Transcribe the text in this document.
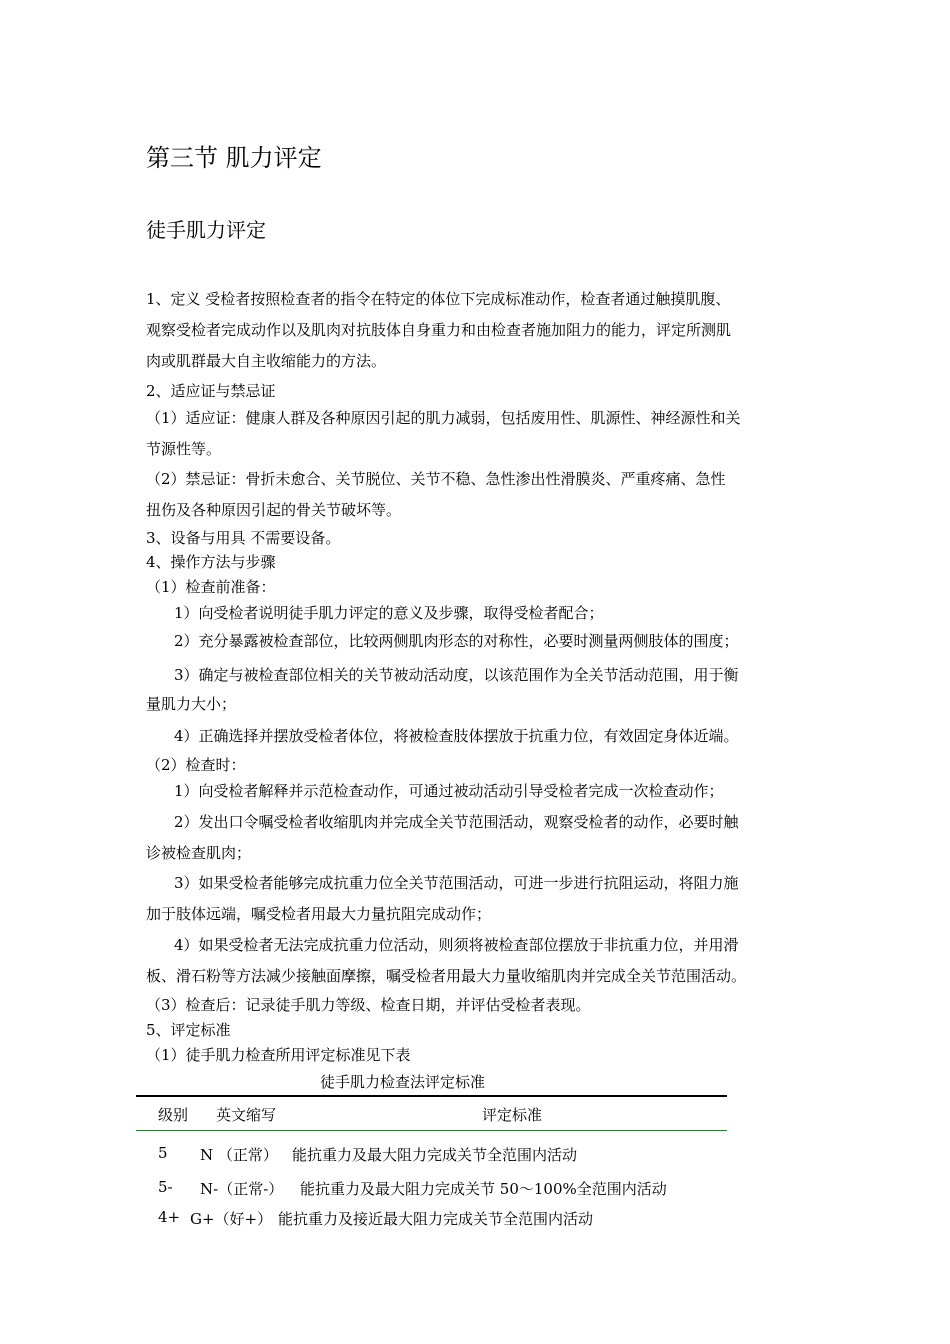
第三节 肌力评定
徒手肌力评定
1、定义 受检者按照检查者的指令在特定的体位下完成标准动作，检查者通过触摸肌腹、
观察受检者完成动作以及肌肉对抗肢体自身重力和由检查者施加阻力的能力，评定所测肌
肉或肌群最大自主收缩能力的方法。
2、适应证与禁忌证
（1）适应证：健康人群及各种原因引起的肌力减弱，包括废用性、肌源性、神经源性和关
节源性等。
（2）禁忌证：骨折未愈合、关节脱位、关节不稳、急性渗出性滑膜炎、严重疼痛、急性
扭伤及各种原因引起的骨关节破坏等。
3、设备与用具 不需要设备。
4、操作方法与步骤
（1）检查前准备：
1）向受检者说明徒手肌力评定的意义及步骤，取得受检者配合；
2）充分暴露被检查部位，比较两侧肌肉形态的对称性，必要时测量两侧肢体的围度；
3）确定与被检查部位相关的关节被动活动度，以该范围作为全关节活动范围，用于衡
量肌力大小；
4）正确选择并摆放受检者体位，将被检查肢体摆放于抗重力位，有效固定身体近端。
（2）检查时：
1）向受检者解释并示范检查动作，可通过被动活动引导受检者完成一次检查动作；
2）发出口令嘱受检者收缩肌肉并完成全关节范围活动，观察受检者的动作，必要时触
诊被检查肌肉；
3）如果受检者能够完成抗重力位全关节范围活动，可进一步进行抗阻运动，将阻力施
加于肢体远端，嘱受检者用最大力量抗阻完成动作；
4）如果受检者无法完成抗重力位活动，则须将被检查部位摆放于非抗重力位，并用滑
板、滑石粉等方法减少接触面摩擦，嘱受检者用最大力量收缩肌肉并完成全关节范围活动。
（3）检查后：记录徒手肌力等级、检查日期，并评估受检者表现。
5、评定标准
（1）徒手肌力检查所用评定标准见下表
徒手肌力检查法评定标准
级别 英文缩写	评定标准
5 N （正常） 能抗重力及最大阻力完成关节全范围内活动
5- N-（正常-） 能抗重力及最大阻力完成关节 50～100%全范围内活动
4+ G+（好+） 能抗重力及接近最大阻力完成关节全范围内活动
